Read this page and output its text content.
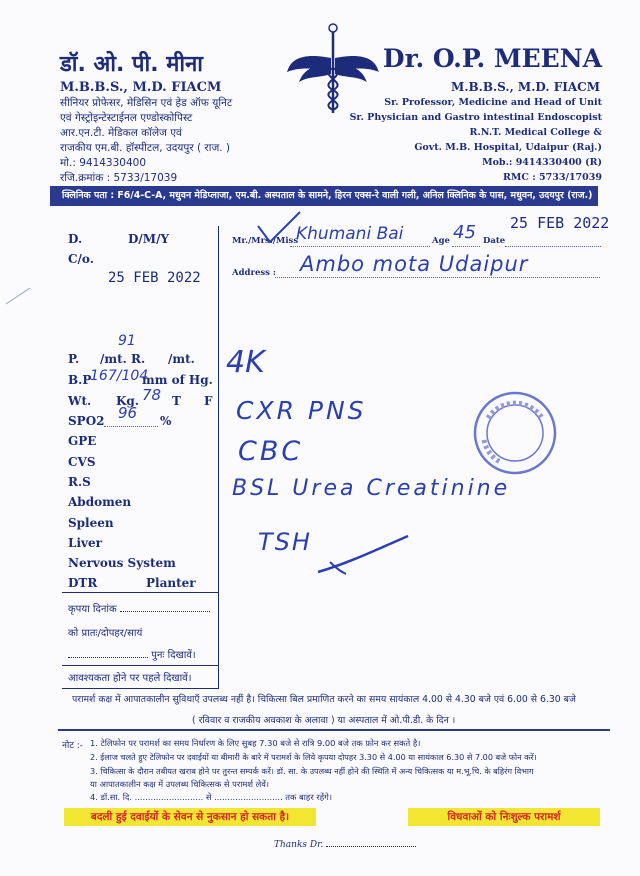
डॉ. ओ. पी. मीना
M.B.B.S., M.D. FIACM
सीनियर प्रोफेसर, मेडिसिन एवं हेड ऑफ यूनिट
एवं गेस्ट्रोइन्टेस्टाईनल एण्डोस्कोपिस्ट
आर.एन.टी. मेडिकल कॉलेज एवं
राजकीय एम.बी. हॉस्पीटल, उदयपुर ( राज. )
मो.: 9414330400
रजि.क्रमांक : 5733/17039
Dr. O.P. MEENA
M.B.B.S., M.D. FIACM
Sr. Professor, Medicine and Head of Unit
Sr. Physician and Gastro intestinal Endoscopist
R.N.T. Medical College &
Govt. M.B. Hospital, Udaipur (Raj.)
Mob.: 9414330400 (R)
RMC : 5733/17039
क्लिनिक पता : F6/4-C-A, मधुवन मेडिप्लाजा, एम.बी. अस्पताल के सामने, हिरन एक्स-रे वाली गली, अनिल क्लिनिक के पास, मधुवन, उदयपुर (राज.)
D.	D/M/Y
C/o.
25 FEB 2022
Mr./Mrs./Miss
Khumani Bai	Age 45 Date
25 FEB 2022
Address : Ambo mota Udaipur
91
P. /mt. R. /mt.
B.P
167/104
mm of Hg.
Wt. Kg. 78 T F
SPO2 96 %
GPE
CVS
R.S
Abdomen
Spleen
Liver
Nervous System
DTR	Planter
कृपया दिनांक
को प्रातः/दोपहर/सायं
पुनः दिखावें।
आवश्यकता होने पर पहले दिखावें।
4K
CXR PNS
CBC
BSL Urea Creatinine
TSH
परामर्श कक्ष में आपातकालीन सुविधाएँ उपलब्ध नहीं है। चिकित्सा बिल प्रमाणित करने का समय सायंकाल 4.00 से 4.30 बजे एवं 6.00 से 6.30 बजे
( रविवार व राजकीय अवकाश के अलावा ) या अस्पताल में ओ.पी.डी. के दिन ।
नोट :- 1. टेलिफोन पर परामर्श का समय निर्धारण के लिए सुबह 7.30 बजे से रात्रि 9.00 बजे तक फ़ोन कर सकते है।
2. ईलाज चलते हुए टेलिफोन पर दवाईयों या बीमारी के बारे में परामर्श के लिये कृपया दोपहर 3.30 से 4.00 या सायंकाल 6.30 से 7.00 बजे फोन करें।
3. चिकित्सा के दौरान तबीयत खराब होने पर तुरन्त सम्पर्क करें। डॉ. सा. के उपलब्ध नहीं होने की स्थिति में अन्य चिकित्सक या म.भू.चि. के बहिरंग विभाग
या आपातकालीन कक्ष में उपलब्ध चिकित्सक से परामर्श लेवें।
4. डॉ.सा. दि. .......................... से .......................... तक बाहर रहेंगे।
बदली हुई दवाईयों के सेवन से नुकसान हो सकता है।	विधवाओं को निःशुल्क परामर्श
Thanks Dr.
